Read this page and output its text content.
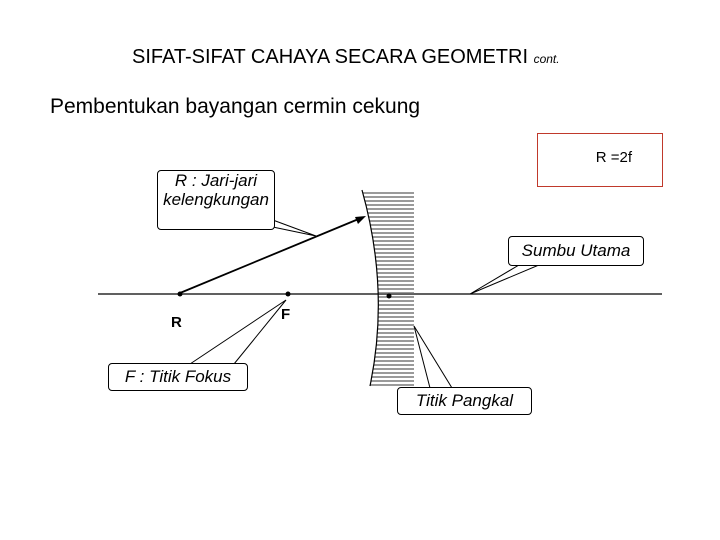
SIFAT-SIFAT CAHAYA SECARA GEOMETRI cont.
Pembentukan bayangan cermin cekung
R : Jari-jari kelengkungan
R =2f
Sumbu Utama
F : Titik Fokus
Titik Pangkal
R	F
